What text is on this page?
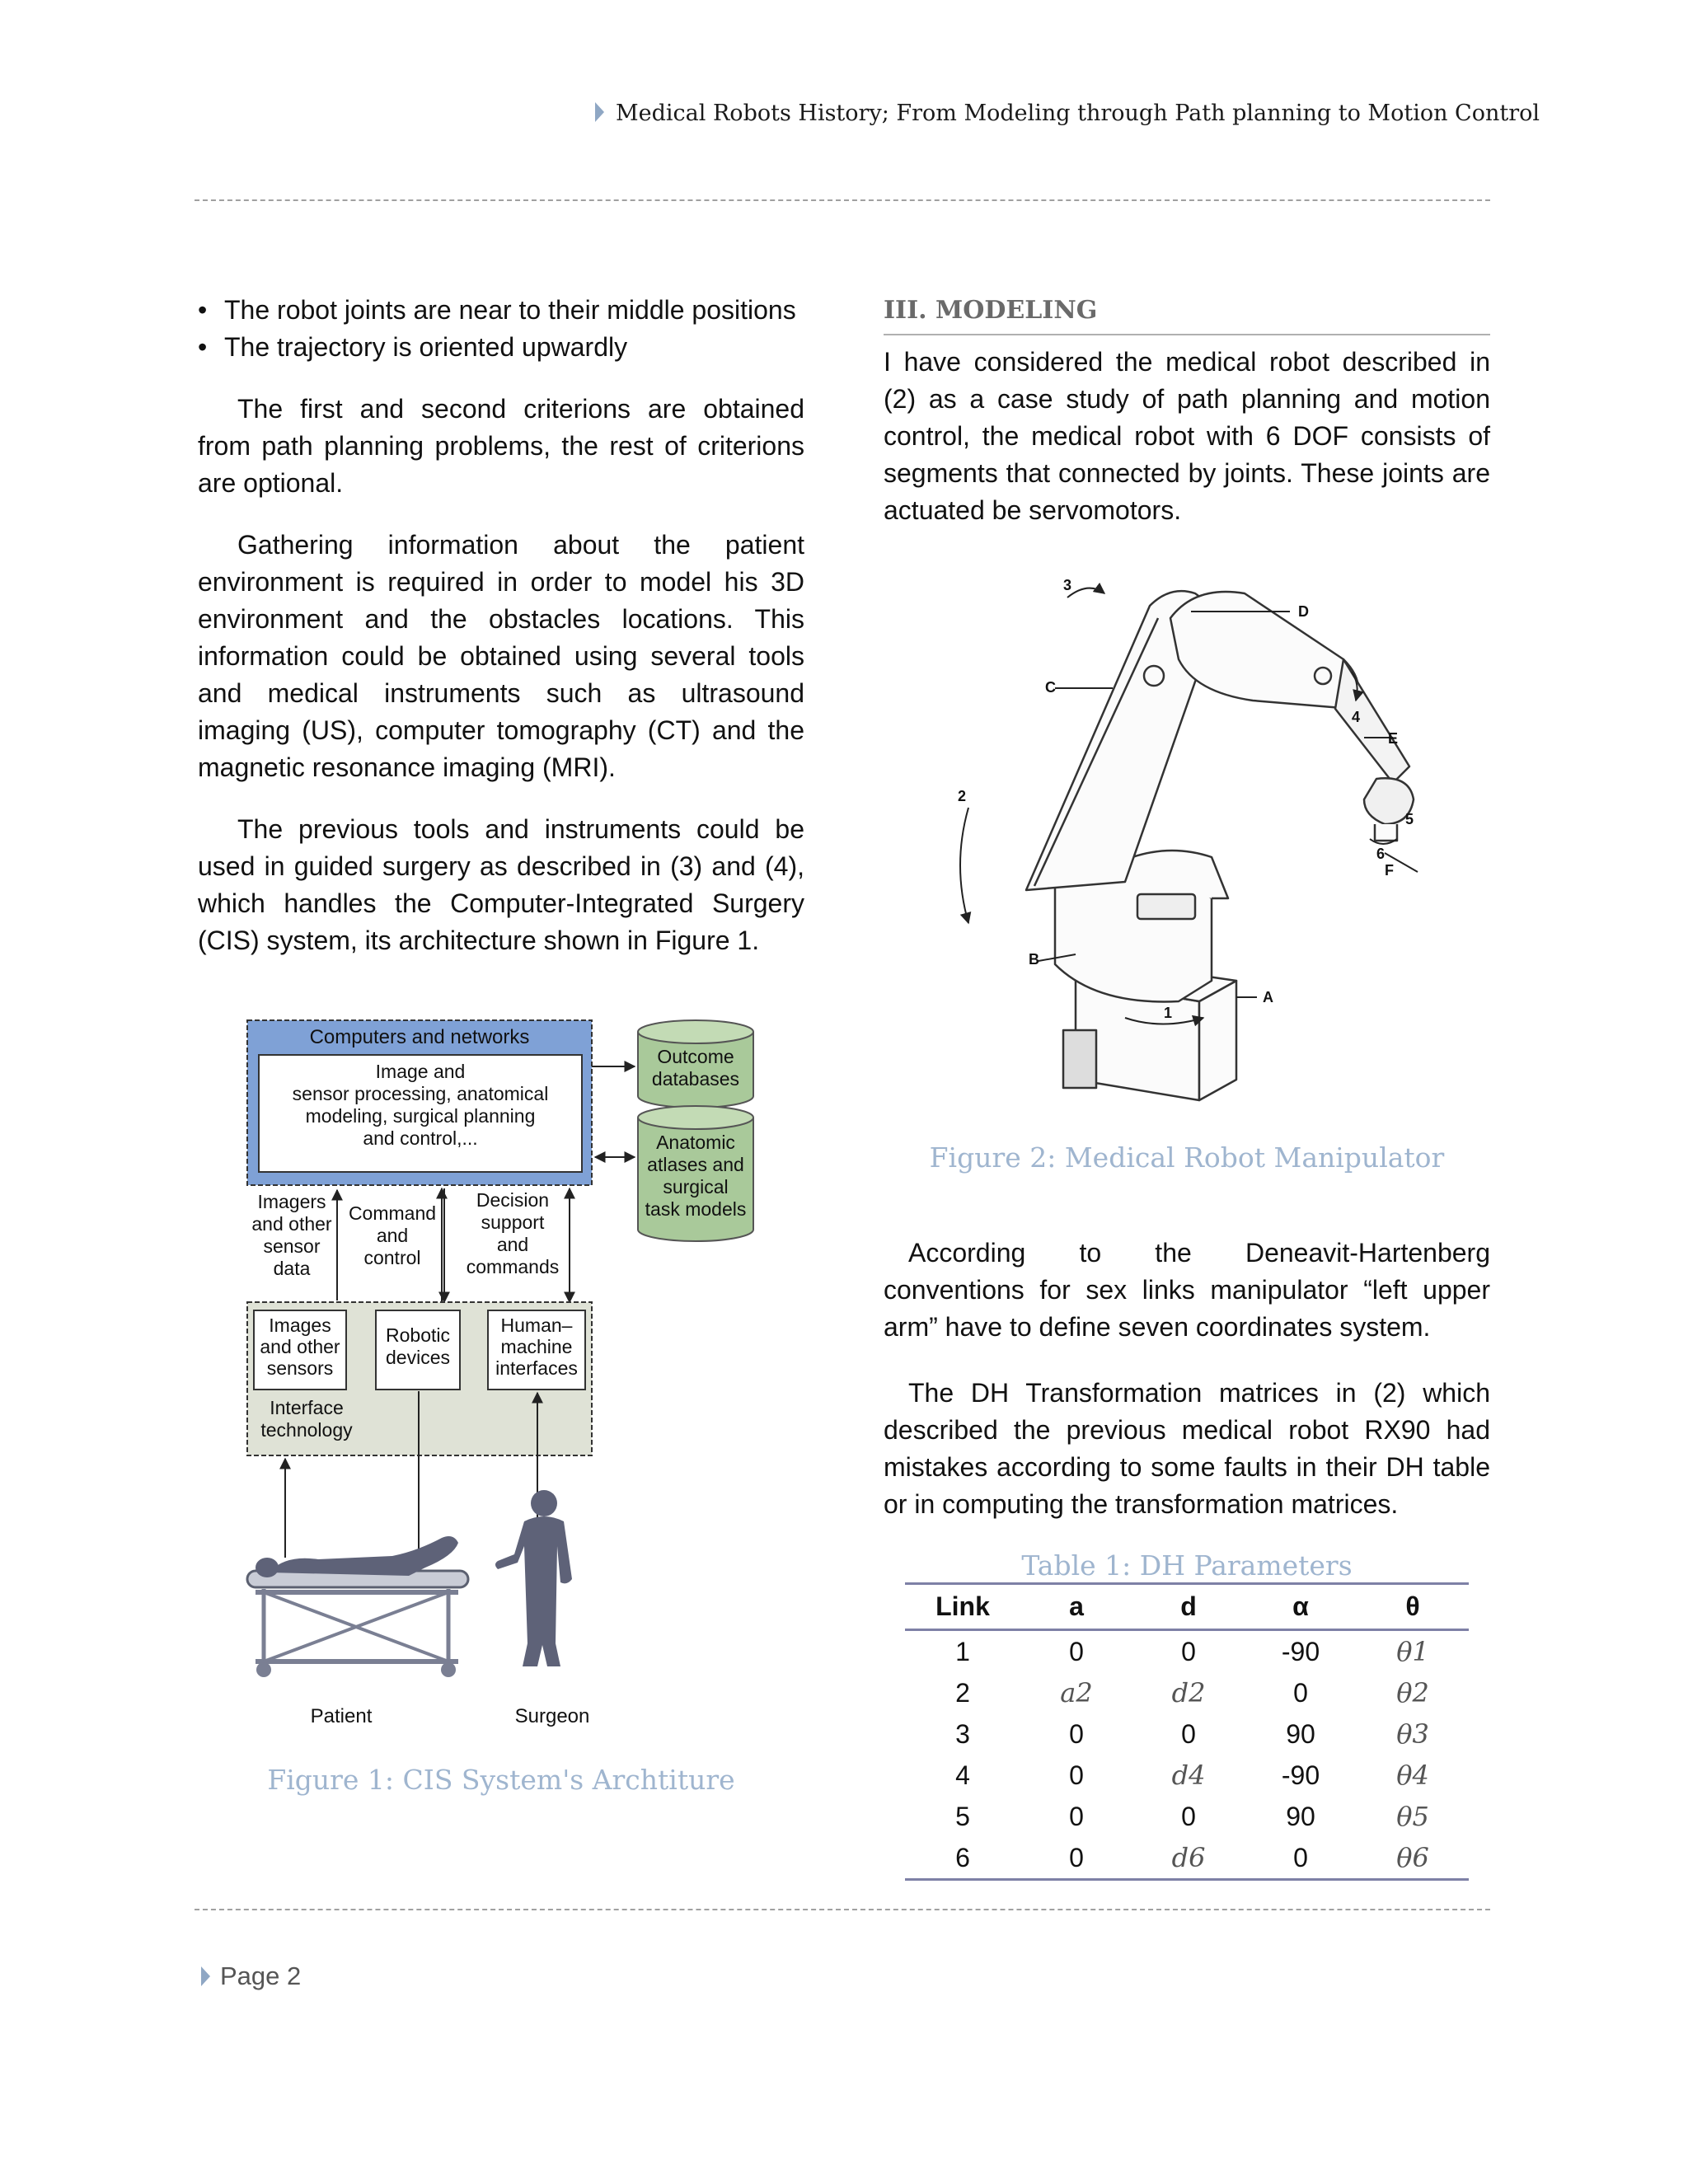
Medical Robots History; From Modeling through Path planning to Motion Control
• The robot joints are near to their middle positions
• The trajectory is oriented upwardly

The first and second criterions are obtained from path planning problems, the rest of criterions are optional.

Gathering information about the patient environment is required in order to model his 3D environment and the obstacles locations. This information could be obtained using several tools and medical instruments such as ultrasound imaging (US), computer tomography (CT) and the magnetic resonance imaging (MRI).

The previous tools and instruments could be used in guided surgery as described in (3) and (4), which handles the Computer-Integrated Surgery (CIS) system, its architecture shown in Figure 1.

Computers and networks
Image and
sensor processing, anatomical
modeling, surgical planning
and control,...
Outcome
databases
Anatomic
atlases and
surgical
task models
Imagers
and other
sensor
data
Command
and
control
Decision
support
and
commands
Images
and other
sensors
Robotic
devices
Human–
machine
interfaces
Interface
technology
Patient	Surgeon
Figure 1: CIS System's Archtiture
III. MODELING

I have considered the medical robot described in (2) as a case study of path planning and motion control, the medical robot with 6 DOF consists of segments that connected by joints. These joints are actuated be servomotors.

C
D
E
F
B
A
2
3
4
5
6
1
Figure 2: Medical Robot Manipulator
According to the Deneavit-Hartenberg conventions for sex links manipulator “left upper arm” have to define seven coordinates system.
The DH Transformation matrices in (2) which described the previous medical robot RX90 had mistakes according to some faults in their DH table or in computing the transformation matrices.
Table 1: DH Parameters
Link	a	d	α	θ
1	0	0	-90	θ1
2	a2	d2	0	θ2
3	0	0	90	θ3
4	0	d4	-90	θ4
5	0	0	90	θ5
6	0	d6	0	θ6
Page 2
